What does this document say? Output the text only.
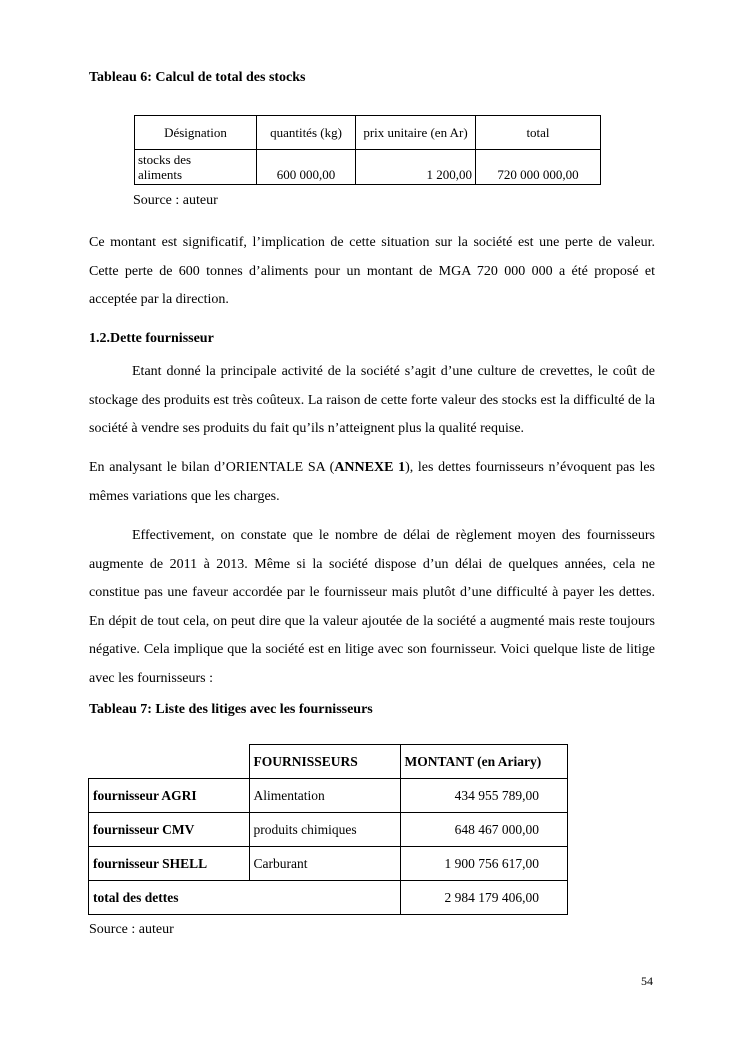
Tableau 6: Calcul de total des stocks
Désignation	quantités (kg)	prix unitaire (en Ar)	total

stocks des
aliments	600 000,00	1 200,00	720 000 000,00
Source : auteur
Ce montant est significatif, l’implication de cette situation sur la société est une perte de valeur. Cette perte de 600 tonnes d’aliments pour un montant de MGA 720 000 000 a été proposé et acceptée par la direction.
1.2.Dette fournisseur
Etant donné la principale activité de la société s’agit d’une culture de crevettes, le coût de stockage des produits est très coûteux. La raison de cette forte valeur des stocks est la difficulté de la société à vendre ses produits du fait qu’ils n’atteignent plus la qualité requise.
En analysant le bilan d’ORIENTALE SA (ANNEXE 1), les dettes fournisseurs n’évoquent pas les mêmes variations que les charges.
Effectivement, on constate que le nombre de délai de règlement moyen des fournisseurs augmente de 2011 à 2013. Même si la société dispose d’un délai de quelques années, cela ne constitue pas une faveur accordée par le fournisseur mais plutôt d’une difficulté à payer les dettes. En dépit de tout cela, on peut dire que la valeur ajoutée de la société a augmenté mais reste toujours négative. Cela implique que la société est en litige avec son fournisseur. Voici quelque liste de litige avec les fournisseurs :
Tableau 7: Liste des litiges avec les fournisseurs
	FOURNISSEURS	MONTANT (en Ariary)
fournisseur AGRI	Alimentation	434 955 789,00
fournisseur CMV	produits chimiques	648 467 000,00
fournisseur SHELL	Carburant	1 900 756 617,00
total des dettes		2 984 179 406,00
Source : auteur
54
